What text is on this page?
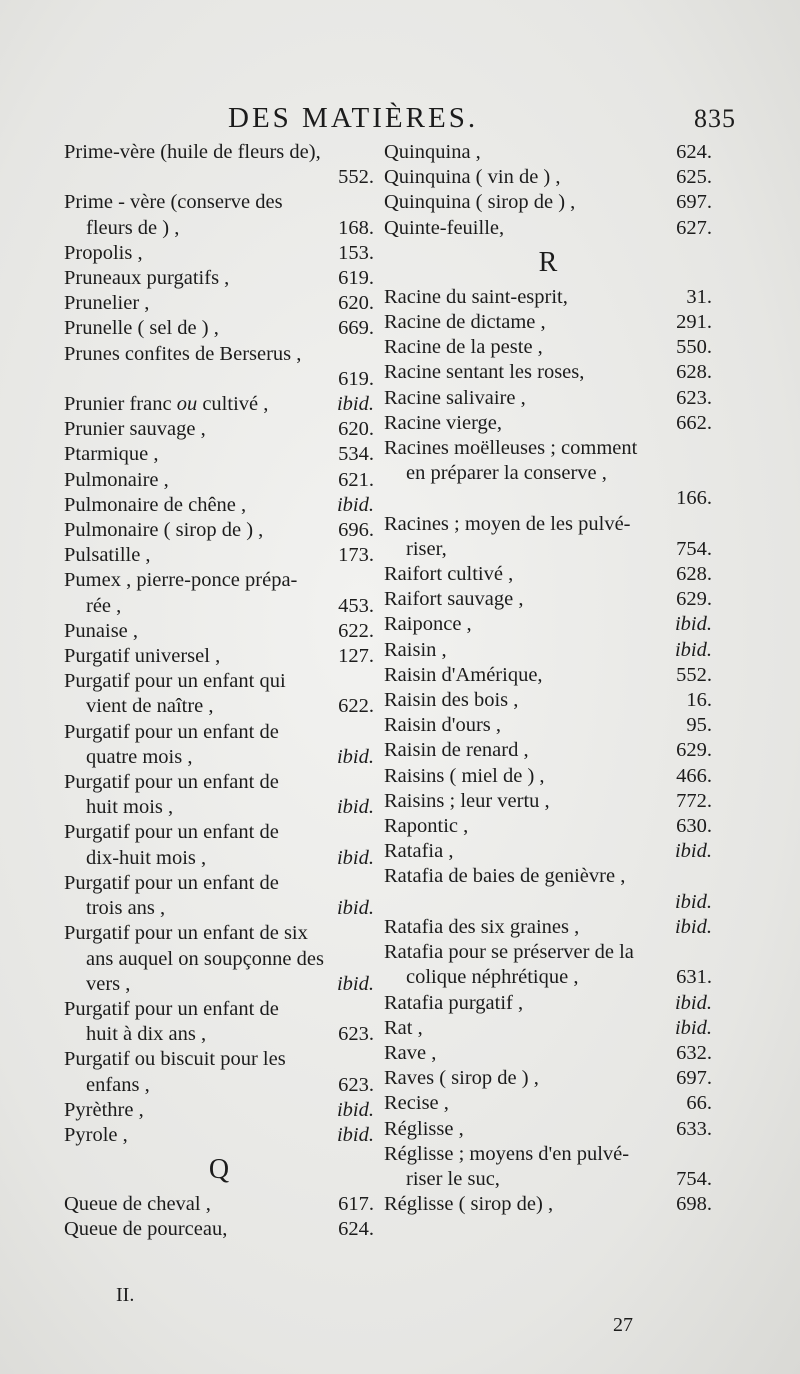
DES MATIÈRES.	835
Prime-vère (huile de fleurs de),
552.
Prime - vère (conserve des
fleurs de ) ,	168.
Propolis ,	153.
Pruneaux purgatifs ,	619.
Prunelier ,	620.
Prunelle ( sel de ) ,	669.
Prunes confites de Berserus ,
619.
Prunier franc ou cultivé ,	ibid.
Prunier sauvage ,	620.
Ptarmique ,	534.
Pulmonaire ,	621.
Pulmonaire de chêne ,	ibid.
Pulmonaire ( sirop de ) ,	696.
Pulsatille ,	173.
Pumex , pierre-ponce prépa-
rée ,	453.
Punaise ,	622.
Purgatif universel ,	127.
Purgatif pour un enfant qui
vient de naître ,	622.
Purgatif pour un enfant de
quatre mois ,	ibid.
Purgatif pour un enfant de
huit mois ,	ibid.
Purgatif pour un enfant de
dix-huit mois ,	ibid.
Purgatif pour un enfant de
trois ans ,	ibid.
Purgatif pour un enfant de six
ans auquel on soupçonne des
vers ,	ibid.
Purgatif pour un enfant de
huit à dix ans ,	623.
Purgatif ou biscuit pour les
enfans ,	623.
Pyrèthre ,	ibid.
Pyrole ,	ibid.
Q
Queue de cheval ,	617.
Queue de pourceau,	624.
Quinquina ,	624.
Quinquina ( vin de ) ,	625.
Quinquina ( sirop de ) ,	697.
Quinte-feuille,	627.
R
Racine du saint-esprit,	31.
Racine de dictame ,	291.
Racine de la peste ,	550.
Racine sentant les roses,	628.
Racine salivaire ,	623.
Racine vierge,	662.
Racines moëlleuses ; comment
en préparer la conserve ,
166.
Racines ; moyen de les pulvé-
riser,	754.
Raifort cultivé ,	628.
Raifort sauvage ,	629.
Raiponce ,	ibid.
Raisin ,	ibid.
Raisin d'Amérique,	552.
Raisin des bois ,	16.
Raisin d'ours ,	95.
Raisin de renard ,	629.
Raisins ( miel de ) ,	466.
Raisins ; leur vertu ,	772.
Rapontic ,	630.
Ratafia ,	ibid.
Ratafia de baies de genièvre ,
ibid.
Ratafia des six graines ,	ibid.
Ratafia pour se préserver de la
colique néphrétique ,	631.
Ratafia purgatif ,	ibid.
Rat ,	ibid.
Rave ,	632.
Raves ( sirop de ) ,	697.
Recise ,	66.
Réglisse ,	633.
Réglisse ; moyens d'en pulvé-
riser le suc,	754.
Réglisse ( sirop de) ,	698.
II.
27
